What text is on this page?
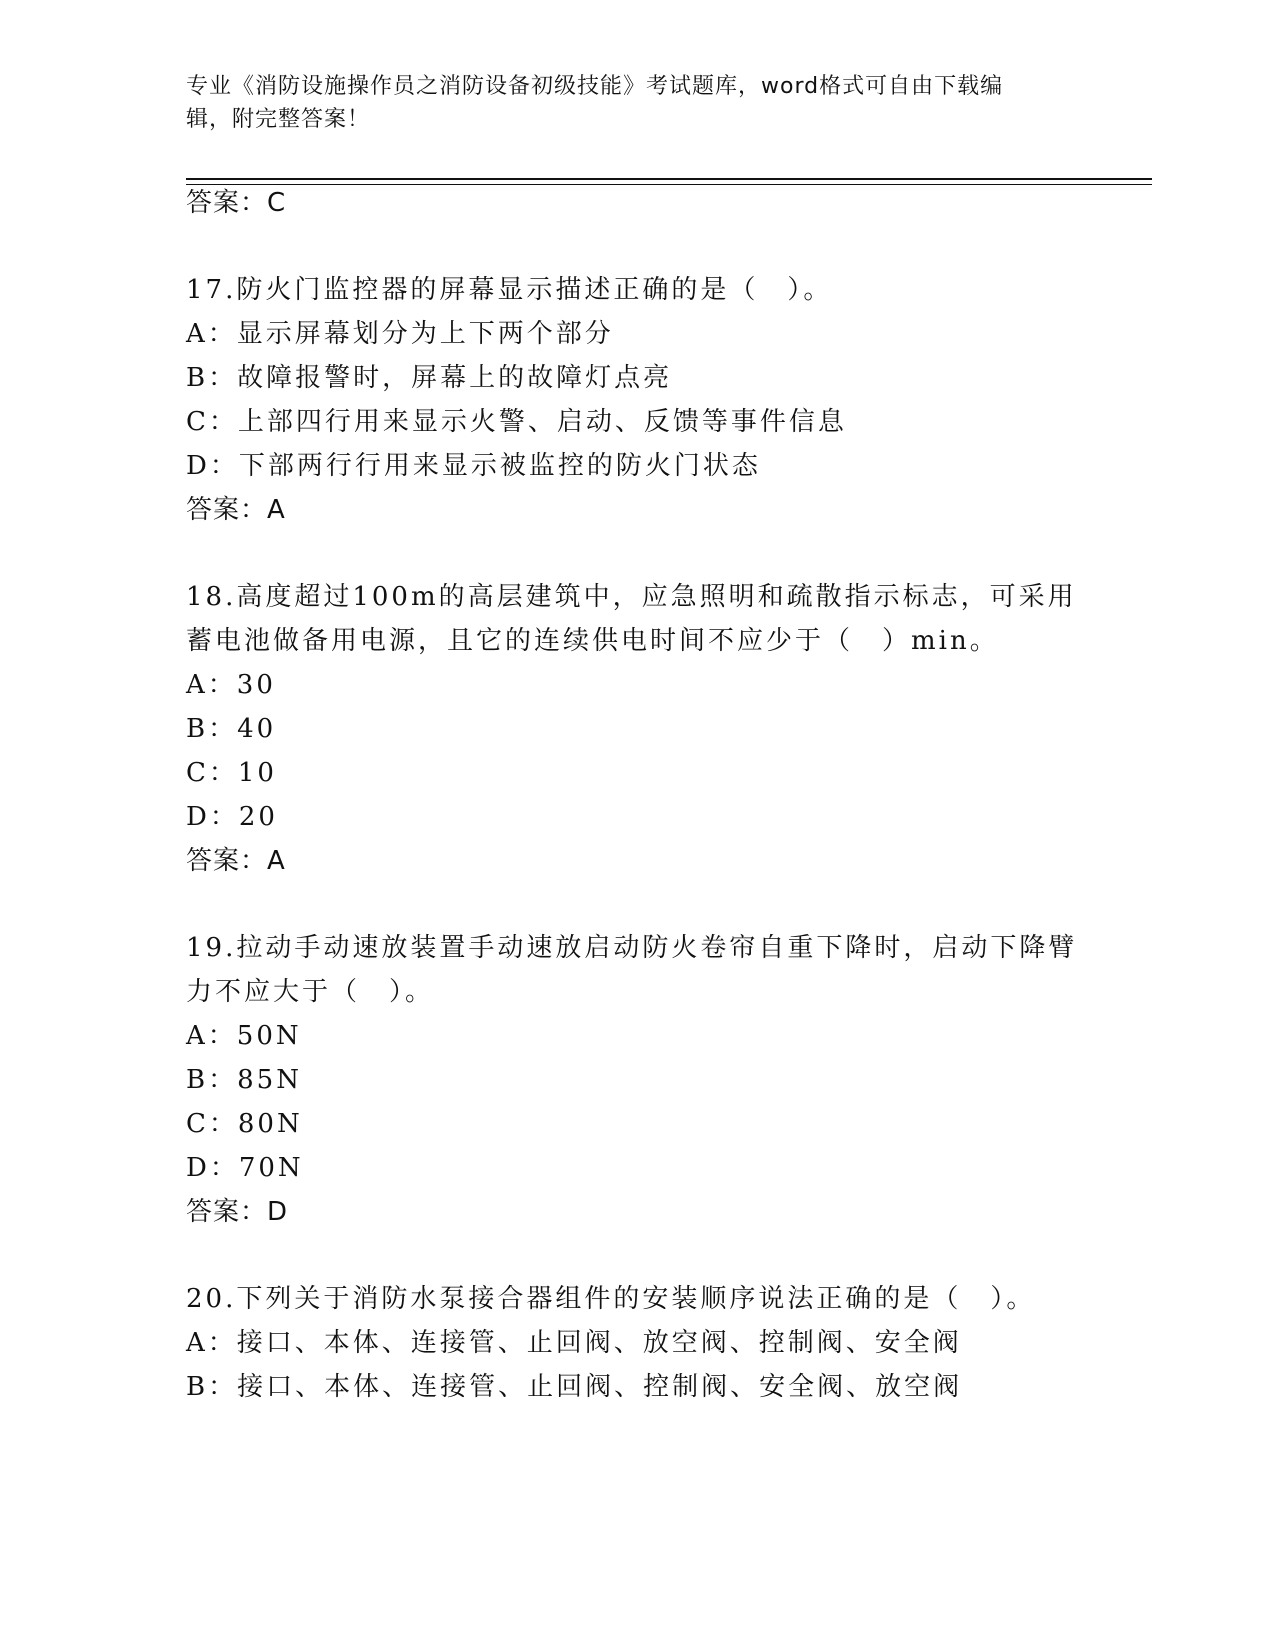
专业《消防设施操作员之消防设备初级技能》考试题库，word格式可自由下载编
辑，附完整答案！
答案：C
17.防火门监控器的屏幕显示描述正确的是（　）。
A：显示屏幕划分为上下两个部分
B：故障报警时，屏幕上的故障灯点亮
C：上部四行用来显示火警、启动、反馈等事件信息
D：下部两行行用来显示被监控的防火门状态
答案：A
18.高度超过100m的高层建筑中，应急照明和疏散指示标志，可采用
蓄电池做备用电源，且它的连续供电时间不应少于（　）min。
A：30
B：40
C：10
D：20
答案：A
19.拉动手动速放装置手动速放启动防火卷帘自重下降时，启动下降臂
力不应大于（　）。
A：50N
B：85N
C：80N
D：70N
答案：D
20.下列关于消防水泵接合器组件的安装顺序说法正确的是（　）。
A：接口、本体、连接管、止回阀、放空阀、控制阀、安全阀
B：接口、本体、连接管、止回阀、控制阀、安全阀、放空阀
